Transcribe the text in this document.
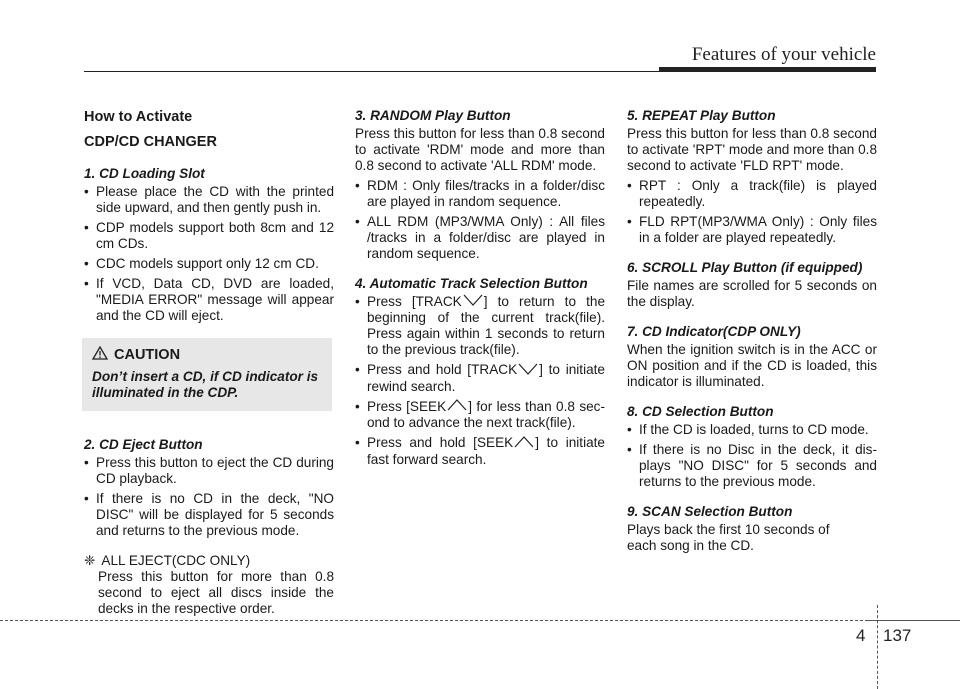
Features of your vehicle
How to Activate
CDP/CD CHANGER
1. CD Loading Slot
• Please place the CD with the printed side upward, and then gently push in.
• CDP models support both 8cm and 12 cm CDs.
• CDC models support only 12 cm CD.
• If VCD, Data CD, DVD are loaded, "MEDIA ERROR" message will appear and the CD will eject.
CAUTION
Don’t insert a CD, if CD indicator is illuminated in the CDP.
2. CD Eject Button
• Press this button to eject the CD during CD playback.
• If there is no CD in the deck, "NO DISC" will be displayed for 5 seconds and returns to the previous mode.
❈ ALL EJECT(CDC ONLY)
Press this button for more than 0.8 second to eject all discs inside the decks in the respective order.
3. RANDOM Play Button
Press this button for less than 0.8 second to activate 'RDM' mode and more than 0.8 second to activate 'ALL RDM' mode.
• RDM : Only files/tracks in a folder/disc are played in random sequence.
• ALL RDM (MP3/WMA Only) : All files /tracks in a folder/disc are played in random sequence.
4. Automatic Track Selection Button
• Press [TRACK ] to return to the beginning of the current track(file). Press again within 1 seconds to return to the previous track(file).
• Press and hold [TRACK ] to initiate rewind search.
• Press [SEEK ] for less than 0.8 sec- ond to advance the next track(file).
• Press and hold [SEEK ] to initiate fast forward search.
5. REPEAT Play Button
Press this button for less than 0.8 second to activate 'RPT' mode and more than 0.8 second to activate 'FLD RPT' mode.
• RPT : Only a track(file) is played repeatedly.
• FLD RPT(MP3/WMA Only) : Only files in a folder are played repeatedly.
6. SCROLL Play Button (if equipped)
File names are scrolled for 5 seconds on the display.
7. CD Indicator(CDP ONLY)
When the ignition switch is in the ACC or ON position and if the CD is loaded, this indicator is illuminated.
8. CD Selection Button
• If the CD is loaded, turns to CD mode.
• If there is no Disc in the deck, it dis- plays "NO DISC" for 5 seconds and returns to the previous mode.
9. SCAN Selection Button
Plays back the first 10 seconds of each song in the CD.
4 137
